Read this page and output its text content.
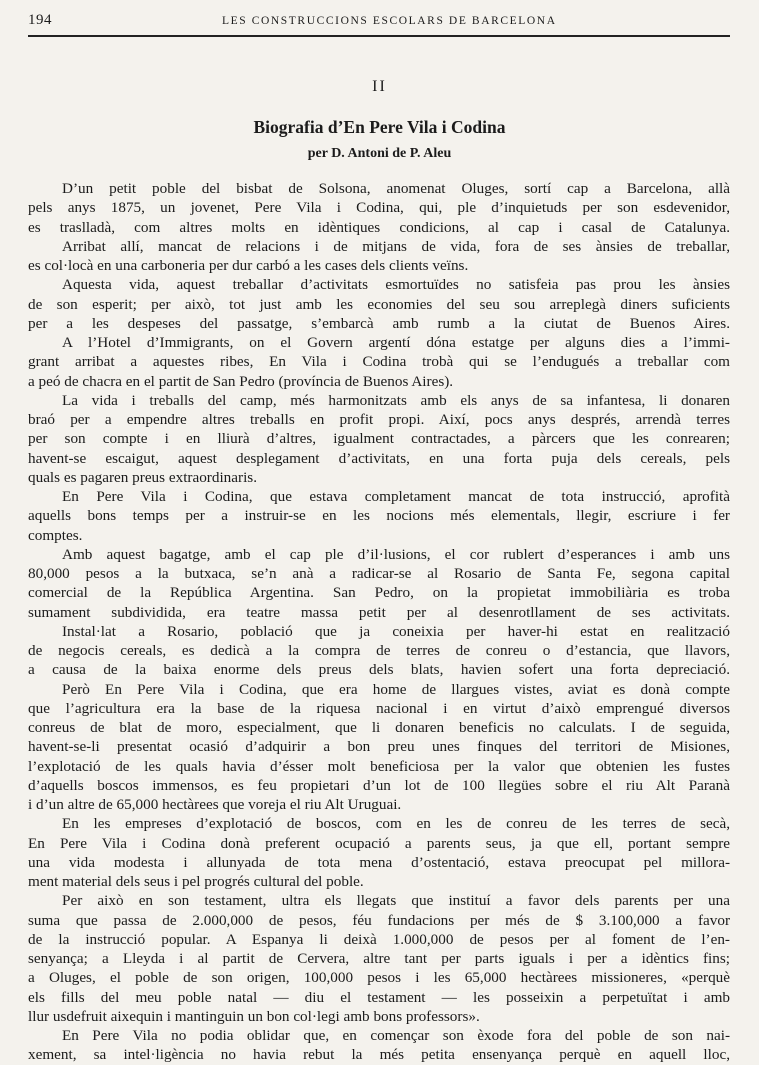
194	LES CONSTRUCCIONS ESCOLARS DE BARCELONA
II
Biografia d’En Pere Vila i Codina
per D. Antoni de P. Aleu
D’un petit poble del bisbat de Solsona, anomenat Oluges, sortí cap a Barcelona, allà
pels anys 1875, un jovenet, Pere Vila i Codina, qui, ple d’inquietuds per son esdevenidor,
es traslladà, com altres molts en idèntiques condicions, al cap i casal de Catalunya.
Arribat allí, mancat de relacions i de mitjans de vida, fora de ses ànsies de treballar,
es col·locà en una carboneria per dur carbó a les cases dels clients veïns.
Aquesta vida, aquest treballar d’activitats esmortuïdes no satisfeia pas prou les ànsies
de son esperit; per això, tot just amb les economies del seu sou arreplegà diners suficients
per a les despeses del passatge, s’embarcà amb rumb a la ciutat de Buenos Aires.
A l’Hotel d’Immigrants, on el Govern argentí dóna estatge per alguns dies a l’immi-
grant arribat a aquestes ribes, En Vila i Codina trobà qui se l’endugués a treballar com
a peó de chacra en el partit de San Pedro (província de Buenos Aires).
La vida i treballs del camp, més harmonitzats amb els anys de sa infantesa, li donaren
braó per a empendre altres treballs en profit propi. Així, pocs anys després, arrendà terres
per son compte i en lliurà d’altres, igualment contractades, a pàrcers que les conrearen;
havent-se escaigut, aquest desplegament d’activitats, en una forta puja dels cereals, pels
quals es pagaren preus extraordinaris.
En Pere Vila i Codina, que estava completament mancat de tota instrucció, aprofità
aquells bons temps per a instruir-se en les nocions més elementals, llegir, escriure i fer
comptes.
Amb aquest bagatge, amb el cap ple d’il·lusions, el cor rublert d’esperances i amb uns
80,000 pesos a la butxaca, se’n anà a radicar-se al Rosario de Santa Fe, segona capital
comercial de la República Argentina. San Pedro, on la propietat immobiliària es troba
sumament subdividida, era teatre massa petit per al desenrotllament de ses activitats.
Instal·lat a Rosario, població que ja coneixia per haver-hi estat en realització
de negocis cereals, es dedicà a la compra de terres de conreu o d’estancia, que llavors,
a causa de la baixa enorme dels preus dels blats, havien sofert una forta depreciació.
Però En Pere Vila i Codina, que era home de llargues vistes, aviat es donà compte
que l’agricultura era la base de la riquesa nacional i en virtut d’això emprengué diversos
conreus de blat de moro, especialment, que li donaren beneficis no calculats. I de seguida,
havent-se-li presentat ocasió d’adquirir a bon preu unes finques del territori de Misiones,
l’explotació de les quals havia d’ésser molt beneficiosa per la valor que obtenien les fustes
d’aquells boscos immensos, es feu propietari d’un lot de 100 llegües sobre el riu Alt Paranà
i d’un altre de 65,000 hectàrees que voreja el riu Alt Uruguai.
En les empreses d’explotació de boscos, com en les de conreu de les terres de secà,
En Pere Vila i Codina donà preferent ocupació a parents seus, ja que ell, portant sempre
una vida modesta i allunyada de tota mena d’ostentació, estava preocupat pel millora-
ment material dels seus i pel progrés cultural del poble.
Per això en son testament, ultra els llegats que instituí a favor dels parents per una
suma que passa de 2.000,000 de pesos, féu fundacions per més de $ 3.100,000 a favor
de la instrucció popular. A Espanya li deixà 1.000,000 de pesos per al foment de l’en-
senyança; a Lleyda i al partit de Cervera, altre tant per parts iguals i per a idèntics fins;
a Oluges, el poble de son origen, 100,000 pesos i les 65,000 hectàrees missioneres, «perquè
els fills del meu poble natal — diu el testament — les posseixin a perpetuïtat i amb
llur usdefruit aixequin i mantinguin un bon col·legi amb bons professors».
En Pere Vila no podia oblidar que, en començar son èxode fora del poble de son nai-
xement, sa intel·ligència no havia rebut la més petita ensenyança perquè en aquell lloc,
